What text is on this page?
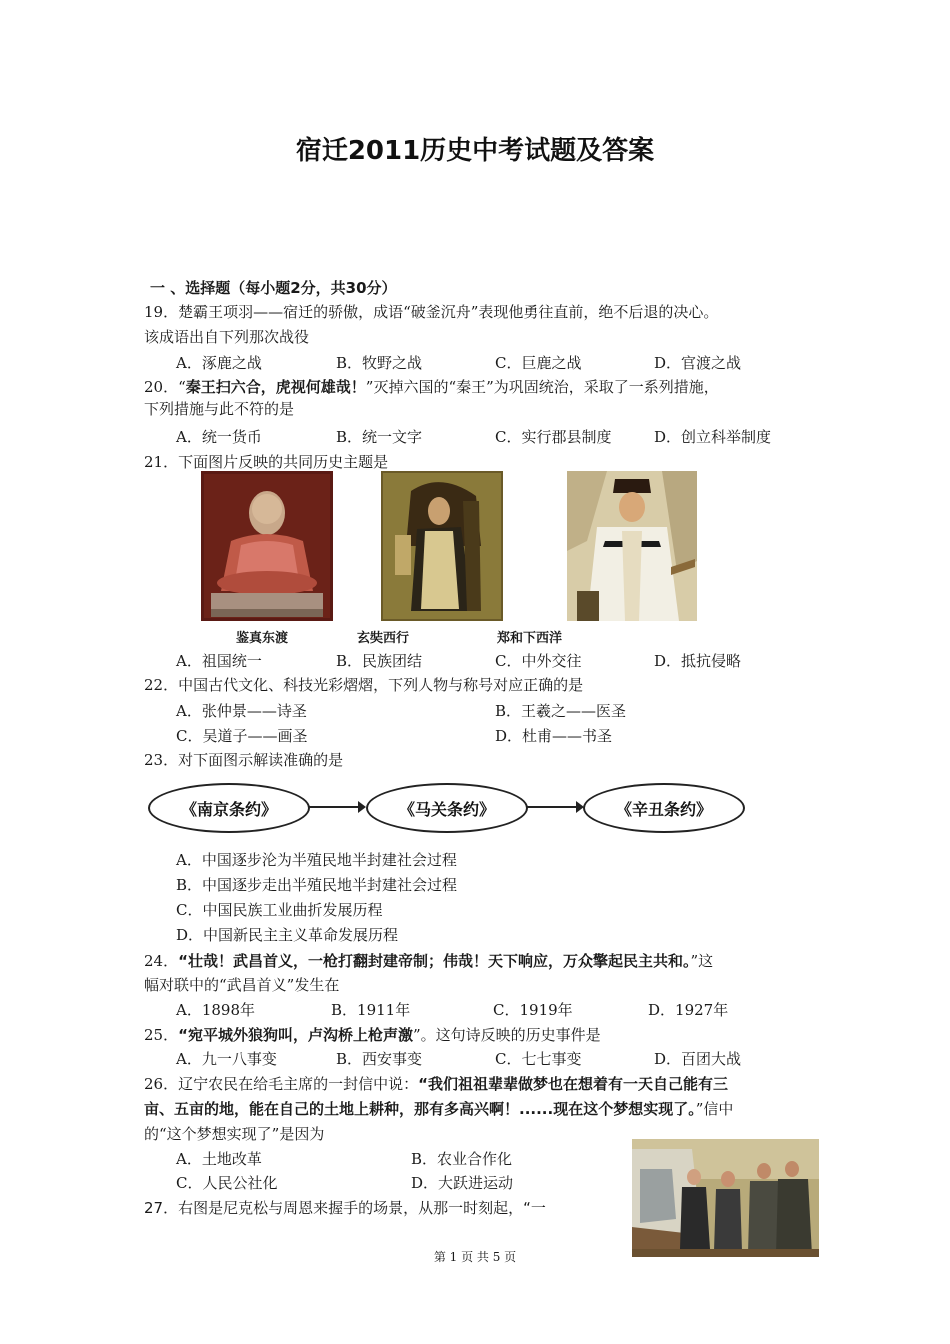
宿迁2011历史中考试题及答案
一 、选择题（每小题2分，共30分）
19．楚霸王项羽——宿迁的骄傲，成语“破釜沉舟”表现他勇往直前，绝不后退的决心。
该成语出自下列那次战役
A．涿鹿之战	B．牧野之战	C．巨鹿之战	D．官渡之战
20．“秦王扫六合，虎视何雄哉！”灭掉六国的“秦王”为巩固统治，采取了一系列措施，
下列措施与此不符的是
A．统一货币	B．统一文字	C．实行郡县制度	D．创立科举制度
21．下面图片反映的共同历史主题是
鉴真东渡	玄奘西行	郑和下西洋
A．祖国统一	B．民族团结	C．中外交往	D．抵抗侵略
22．中国古代文化、科技光彩熠熠，下列人物与称号对应正确的是
A．张仲景——诗圣	B．王羲之——医圣
C．吴道子——画圣	D．杜甫——书圣
23．对下面图示解读准确的是
《南京条约》	《马关条约》	《辛丑条约》
A．中国逐步沦为半殖民地半封建社会过程
B．中国逐步走出半殖民地半封建社会过程
C．中国民族工业曲折发展历程
D．中国新民主主义革命发展历程
24．“壮哉！武昌首义，一枪打翻封建帝制；伟哉！天下响应，万众擎起民主共和。”这
幅对联中的“武昌首义”发生在
A．1898年	B．1911年	C．1919年	D．1927年
25．“宛平城外狼狗叫，卢沟桥上枪声激”。这句诗反映的历史事件是
A．九一八事变	B．西安事变	C．七七事变	D．百团大战
26．辽宁农民在给毛主席的一封信中说：“我们祖祖辈辈做梦也在想着有一天自己能有三
亩、五亩的地，能在自己的土地上耕种，那有多高兴啊！......现在这个梦想实现了。”信中
的“这个梦想实现了”是因为
A．土地改革	B．农业合作化
C．人民公社化	D．大跃进运动
27．右图是尼克松与周恩来握手的场景，从那一时刻起，“一
第 1 页 共 5 页
